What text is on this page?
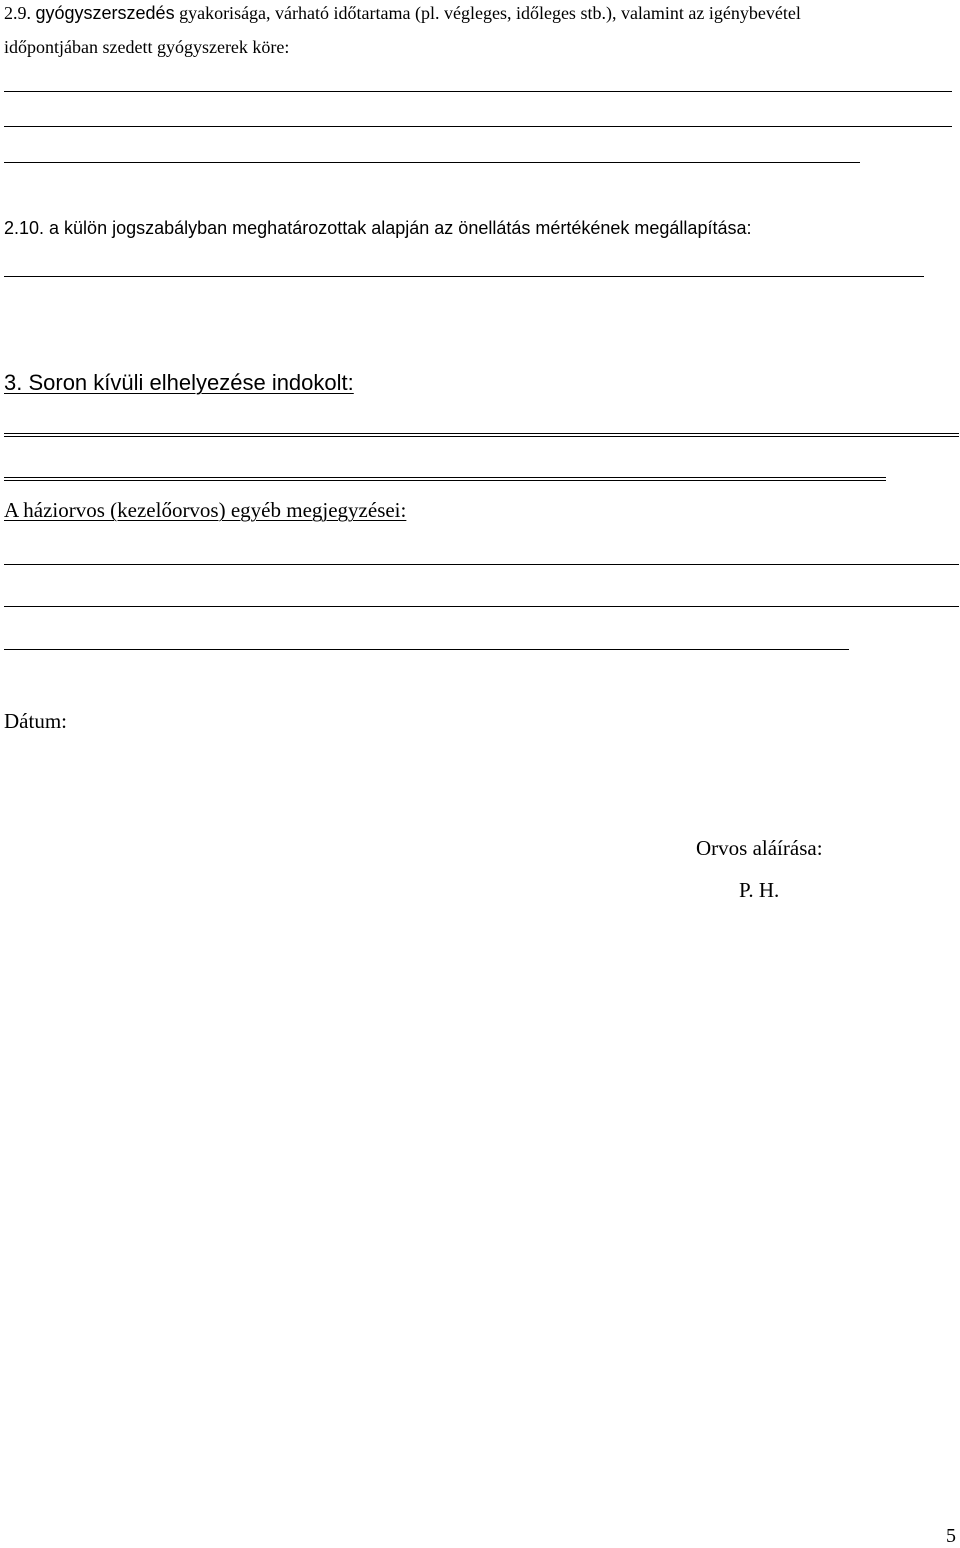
2.9. gyógyszerszedés gyakorisága, várható időtartama (pl. végleges, időleges stb.), valamint az igénybevétel
időpontjában szedett gyógyszerek köre:
2.10. a külön jogszabályban meghatározottak alapján az önellátás mértékének megállapítása:
3. Soron kívüli elhelyezése indokolt:
A háziorvos (kezelőorvos) egyéb megjegyzései:
Dátum:
Orvos aláírása:
P. H.
5
